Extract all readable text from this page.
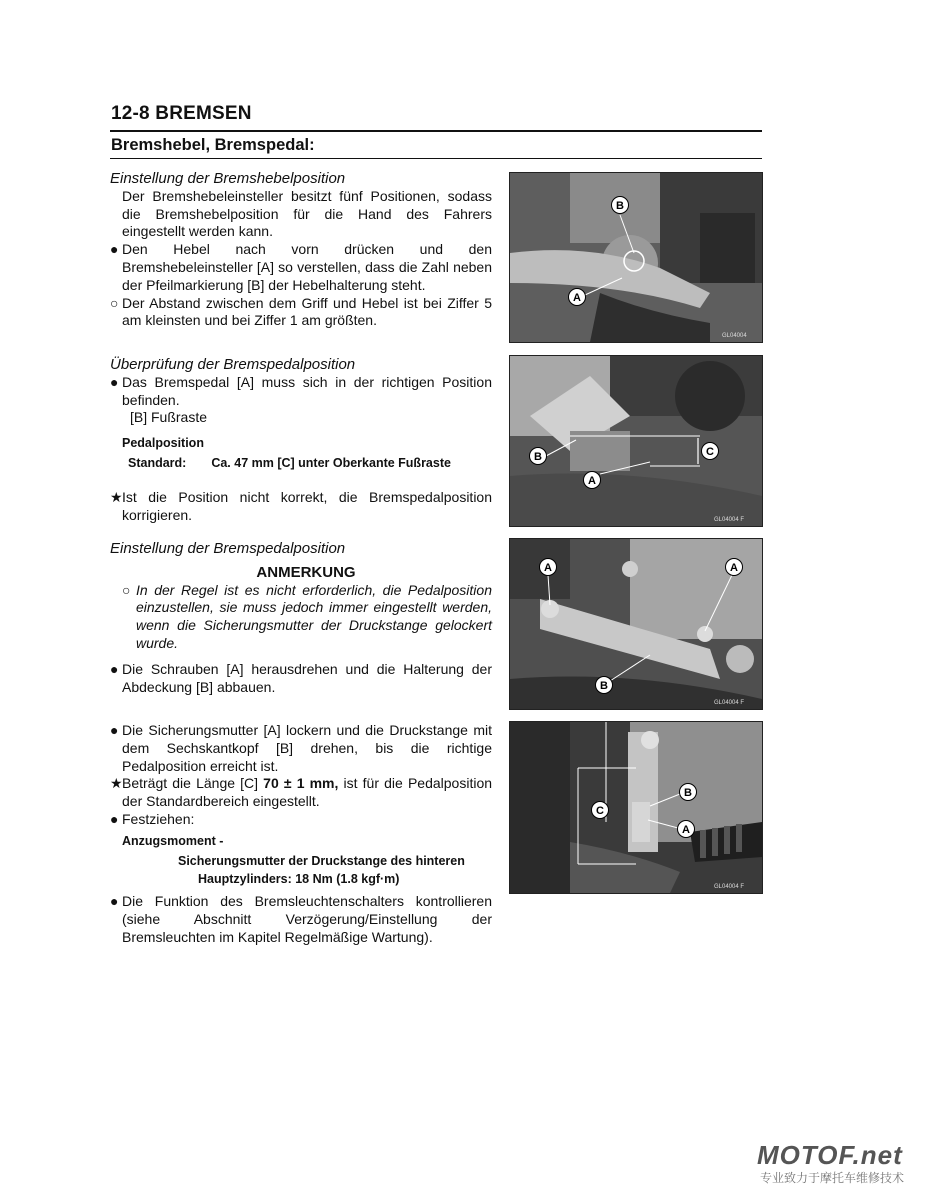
12-8 BREMSEN
Bremshebel, Bremspedal:
Einstellung der Bremshebelposition
Der Bremshebeleinsteller besitzt fünf Positionen, sodass die Bremshebelposition für die Hand des Fahrers eingestellt werden kann.
● Den Hebel nach vorn drücken und den Bremshebeleinsteller [A] so verstellen, dass die Zahl neben der Pfeilmarkierung [B] der Hebelhalterung steht.
○ Der Abstand zwischen dem Griff und Hebel ist bei Ziffer 5 am kleinsten und bei Ziffer 1 am größten.
Überprüfung der Bremspedalposition
● Das Bremspedal [A] muss sich in der richtigen Position befinden.
[B] Fußraste
Pedalposition
Standard: Ca. 47 mm [C] unter Oberkante Fußraste
★ Ist die Position nicht korrekt, die Bremspedalposition korrigieren.
Einstellung der Bremspedalposition
ANMERKUNG
○ In der Regel ist es nicht erforderlich, die Pedalposition einzustellen, sie muss jedoch immer eingestellt werden, wenn die Sicherungsmutter der Druckstange gelockert wurde.
● Die Schrauben [A] herausdrehen und die Halterung der Abdeckung [B] abbauen.
● Die Sicherungsmutter [A] lockern und die Druckstange mit dem Sechskantkopf [B] drehen, bis die richtige Pedalposition erreicht ist.
★ Beträgt die Länge [C] 70 ± 1 mm, ist für die Pedalposition der Standardbereich eingestellt.
● Festziehen:
Anzugsmoment -
Sicherungsmutter der Druckstange des hinteren
Hauptzylinders: 18 Nm (1.8 kgf·m)
● Die Funktion des Bremsleuchtenschalters kontrollieren (siehe Abschnitt Verzögerung/Einstellung der Bremsleuchten im Kapitel Regelmäßige Wartung).
B
A
GL04004
B
A
C
GL04004 F
A	A
B
GL04004 F
C
B
A
GL04004 F
MOTOF.net
专业致力于摩托车维修技术
